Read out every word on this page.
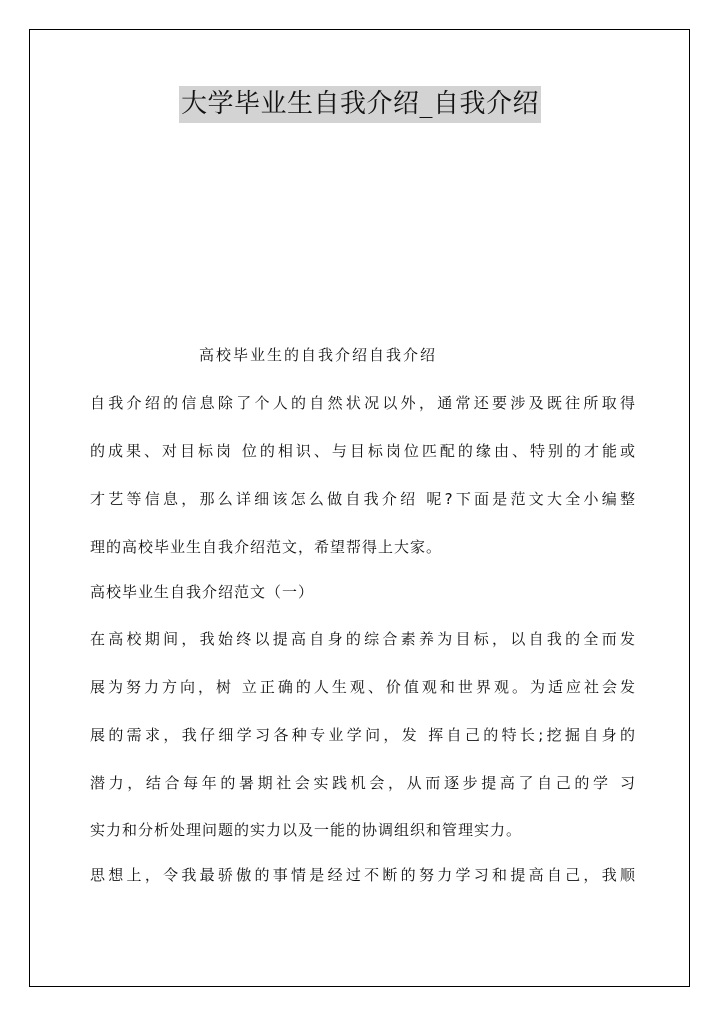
大学毕业生自我介绍_自我介绍
高校毕业生的自我介绍自我介绍
自我介绍的信息除了个人的自然状况以外，通常还要涉及既往所取得
的成果、对目标岗 位的相识、与目标岗位匹配的缘由、特别的才能或
才艺等信息，那么详细该怎么做自我介绍 呢?下面是范文大全小编整
理的高校毕业生自我介绍范文，希望帮得上大家。
高校毕业生自我介绍范文（一）
在高校期间，我始终以提高自身的综合素养为目标，以自我的全而发
展为努力方向，树 立正确的人生观、价值观和世界观。为适应社会发
展的需求，我仔细学习各种专业学问，发 挥自己的特长;挖掘自身的
潜力，结合每年的暑期社会实践机会，从而逐步提高了自己的学 习
实力和分析处理问题的实力以及一能的协调组织和管理实力。
思想上，令我最骄傲的事情是经过不断的努力学习和提高自己，我顺
